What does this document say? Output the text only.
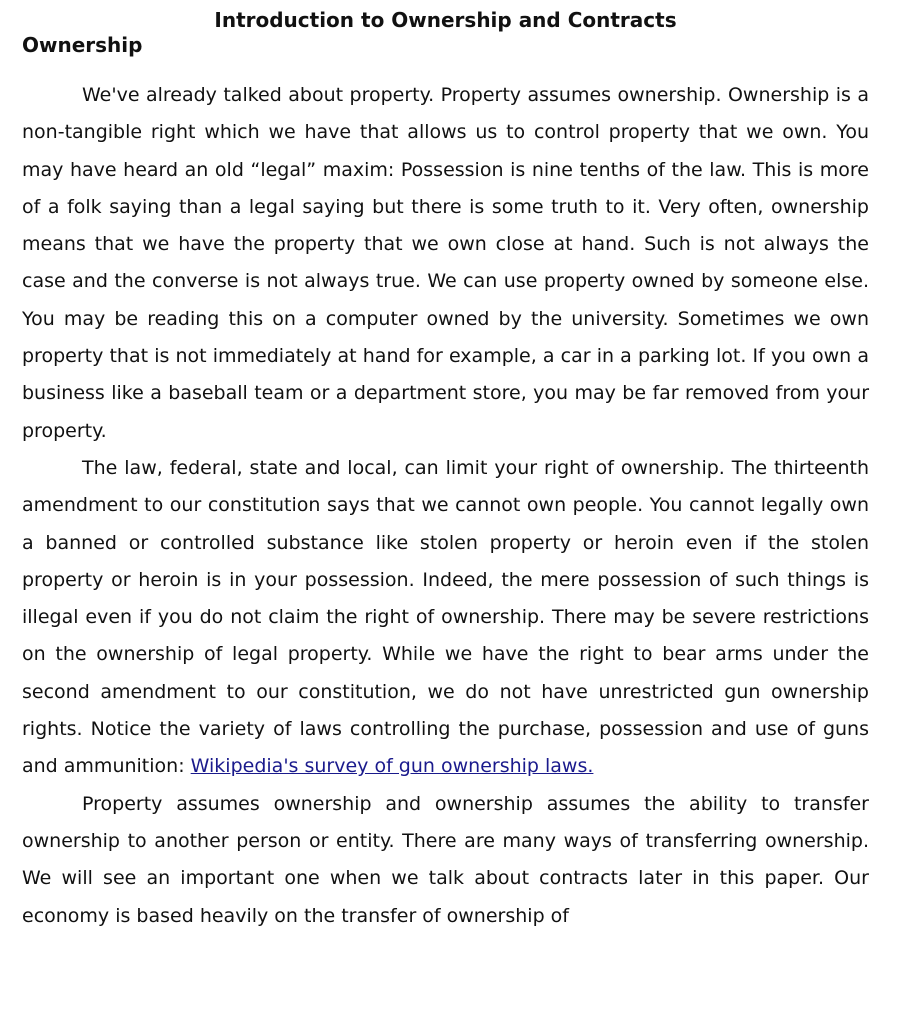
Introduction to Ownership and Contracts
Ownership

We've already talked about property. Property assumes ownership. Ownership is a non-tangible right which we have that allows us to control property that we own. You may have heard an old “legal” maxim: Possession is nine tenths of the law. This is more of a folk saying than a legal saying but there is some truth to it. Very often, ownership means that we have the property that we own close at hand. Such is not always the case and the converse is not always true. We can use property owned by someone else. You may be reading this on a computer owned by the university. Sometimes we own property that is not immediately at hand for example, a car in a parking lot. If you own a business like a baseball team or a department store, you may be far removed from your property.

The law, federal, state and local, can limit your right of ownership. The thirteenth amendment to our constitution says that we cannot own people. You cannot legally own a banned or controlled substance like stolen property or heroin even if the stolen property or heroin is in your possession. Indeed, the mere possession of such things is illegal even if you do not claim the right of ownership. There may be severe restrictions on the ownership of legal property. While we have the right to bear arms under the second amendment to our constitution, we do not have unrestricted gun ownership rights. Notice the variety of laws controlling the purchase, possession and use of guns and ammunition: Wikipedia's survey of gun ownership laws.

Property assumes ownership and ownership assumes the ability to transfer ownership to another person or entity. There are many ways of transferring ownership. We will see an important one when we talk about contracts later in this paper. Our economy is based heavily on the transfer of ownership of
